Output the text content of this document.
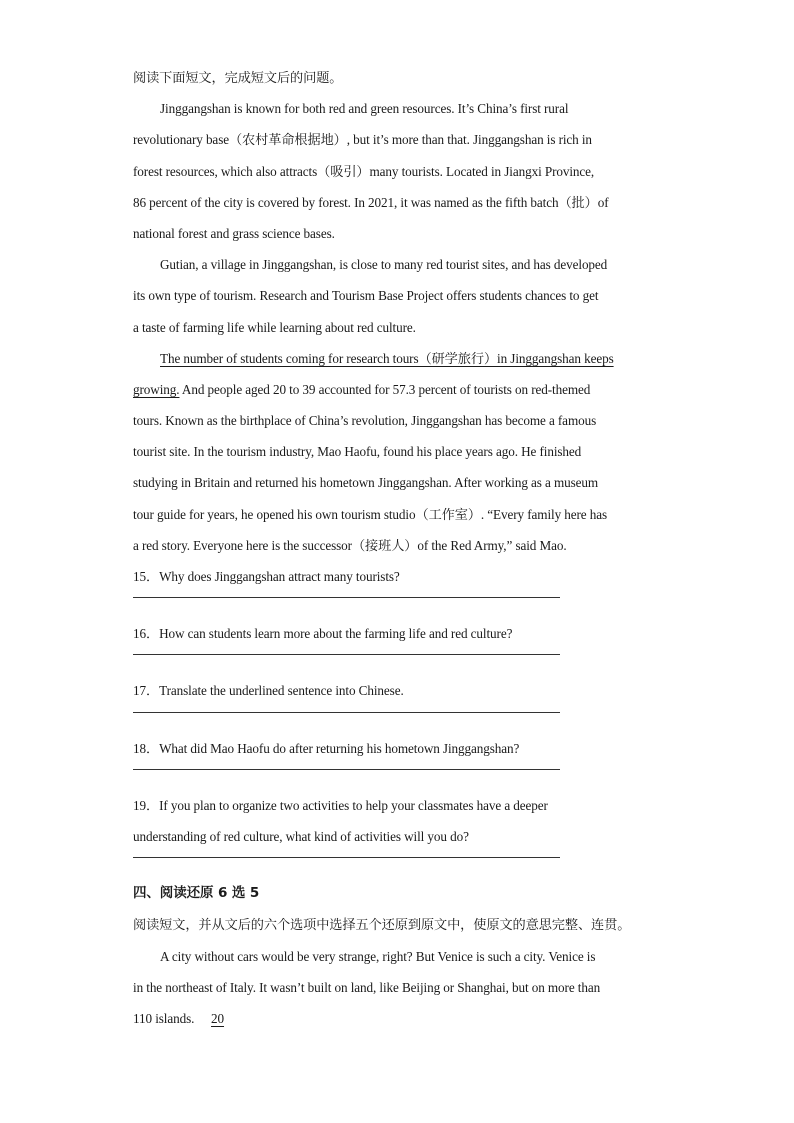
阅读下面短文，完成短文后的问题。
Jinggangshan is known for both red and green resources. It’s China’s first rural
revolutionary base（农村革命根据地）, but it’s more than that. Jinggangshan is rich in
forest resources, which also attracts（吸引）many tourists. Located in Jiangxi Province,
86 percent of the city is covered by forest. In 2021, it was named as the fifth batch（批）of
national forest and grass science bases.
Gutian, a village in Jinggangshan, is close to many red tourist sites, and has developed
its own type of tourism. Research and Tourism Base Project offers students chances to get
a taste of farming life while learning about red culture.
The number of students coming for research tours（研学旅行）in Jinggangshan keeps
growing. And people aged 20 to 39 accounted for 57.3 percent of tourists on red-themed
tours. Known as the birthplace of China’s revolution, Jinggangshan has become a famous
tourist site. In the tourism industry, Mao Haofu, found his place years ago. He finished
studying in Britain and returned his hometown Jinggangshan. After working as a museum
tour guide for years, he opened his own tourism studio（工作室）. “Every family here has
a red story. Everyone here is the successor（接班人）of the Red Army,” said Mao.
15．Why does Jinggangshan attract many tourists?
16．How can students learn more about the farming life and red culture?
17．Translate the underlined sentence into Chinese.
18．What did Mao Haofu do after returning his hometown Jinggangshan?
19．If you plan to organize two activities to help your classmates have a deeper
understanding of red culture, what kind of activities will you do?
四、阅读还原 6 选 5
阅读短文，并从文后的六个选项中选择五个还原到原文中，使原文的意思完整、连贯。
A city without cars would be very strange, right? But Venice is such a city. Venice is
in the northeast of Italy. It wasn’t built on land, like Beijing or Shanghai, but on more than
110 islands. 20
